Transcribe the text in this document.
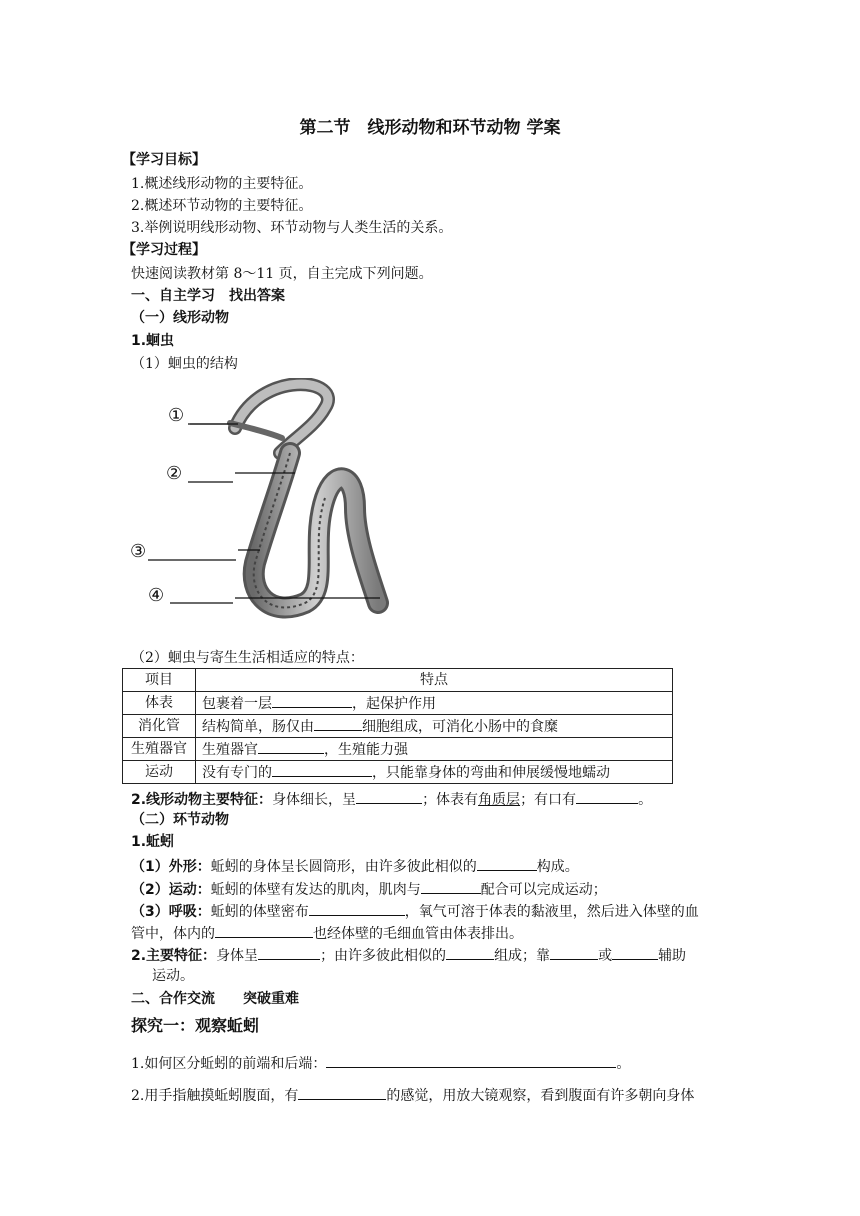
第二节　线形动物和环节动物 学案
【学习目标】
1.概述线形动物的主要特征。
2.概述环节动物的主要特征。
3.举例说明线形动物、环节动物与人类生活的关系。
【学习过程】
快速阅读教材第 8～11 页，自主完成下列问题。
一、自主学习　找出答案
（一）线形动物
1.蛔虫
（1）蛔虫的结构
①
②
③
④
（2）蛔虫与寄生生活相适应的特点：
项目	特点
体表	包裹着一层 ，起保护作用
消化管	结构简单，肠仅由 细胞组成，可消化小肠中的食糜
生殖器官	生殖器官 ，生殖能力强
运动	没有专门的 ，只能靠身体的弯曲和伸展缓慢地蠕动
2.线形动物主要特征：身体细长，呈	；体表有角质层；有口有	。
（二）环节动物
1.蚯蚓
（1）外形：蚯蚓的身体呈长圆筒形，由许多彼此相似的	构成。
（2）运动：蚯蚓的体壁有发达的肌肉，肌肉与	配合可以完成运动；
（3）呼吸：蚯蚓的体壁密布	，氧气可溶于体表的黏液里，然后进入体壁的血
管中，体内的	也经体壁的毛细血管由体表排出。
2.主要特征：身体呈	；由许多彼此相似的	组成；靠	或	辅助
运动。
二、合作交流　　突破重难
探究一：观察蚯蚓
1.如何区分蚯蚓的前端和后端：	。
2.用手指触摸蚯蚓腹面，有	的感觉，用放大镜观察，看到腹面有许多朝向身体
